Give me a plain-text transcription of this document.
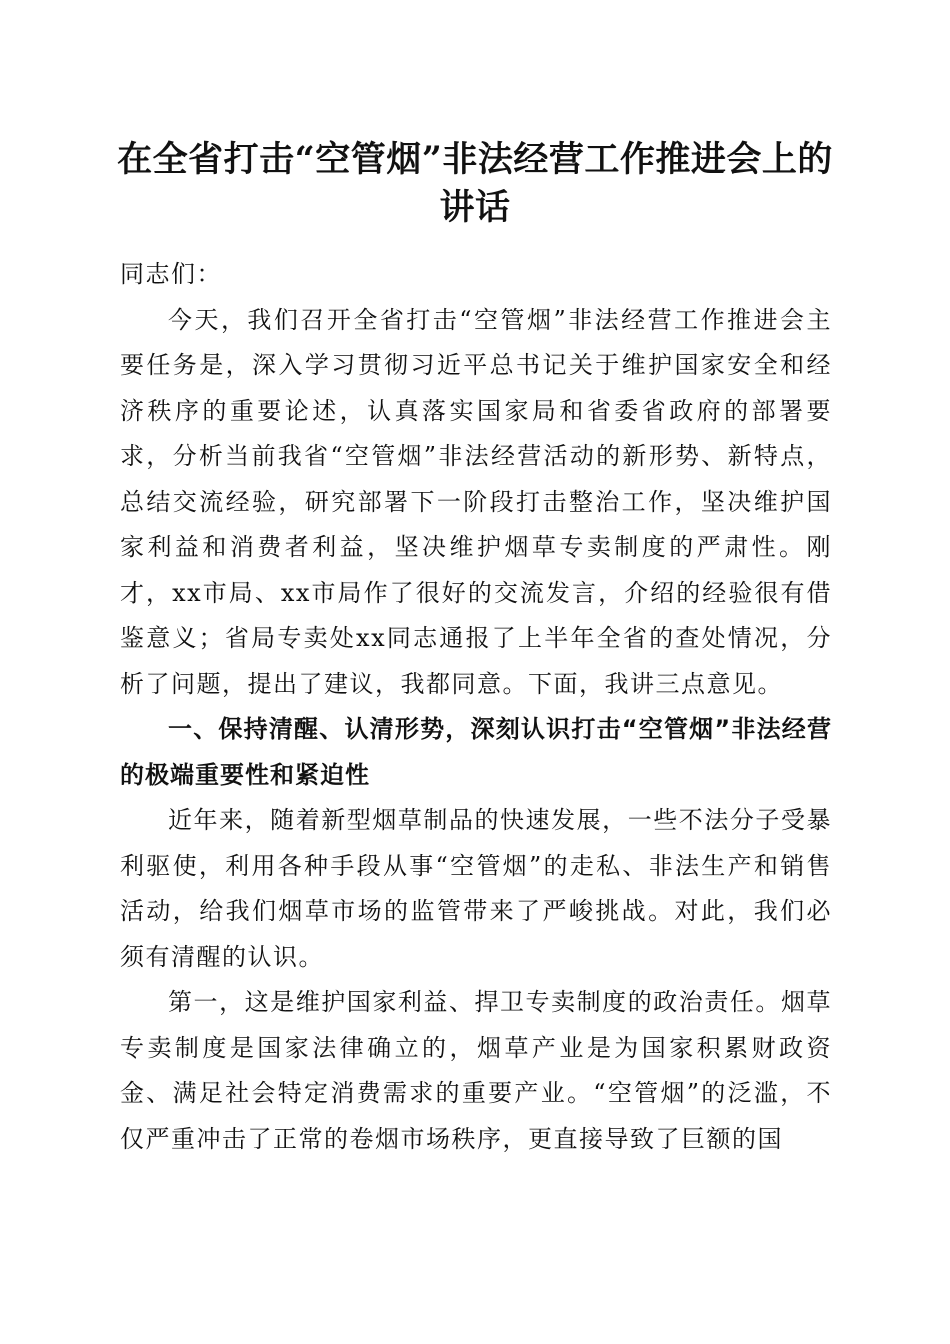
在全省打击“空管烟”非法经营工作推进会上的讲话

同志们：

今天，我们召开全省打击“空管烟”非法经营工作推进会主要任务是，深入学习贯彻习近平总书记关于维护国家安全和经济秩序的重要论述，认真落实国家局和省委省政府的部署要求，分析当前我省“空管烟”非法经营活动的新形势、新特点，总结交流经验，研究部署下一阶段打击整治工作，坚决维护国家利益和消费者利益，坚决维护烟草专卖制度的严肃性。刚才，xx市局、xx市局作了很好的交流发言，介绍的经验很有借鉴意义；省局专卖处xx同志通报了上半年全省的查处情况，分析了问题，提出了建议，我都同意。下面，我讲三点意见。

一、保持清醒、认清形势，深刻认识打击“空管烟”非法经营的极端重要性和紧迫性

近年来，随着新型烟草制品的快速发展，一些不法分子受暴利驱使，利用各种手段从事“空管烟”的走私、非法生产和销售活动，给我们烟草市场的监管带来了严峻挑战。对此，我们必须有清醒的认识。

第一，这是维护国家利益、捍卫专卖制度的政治责任。烟草专卖制度是国家法律确立的，烟草产业是为国家积累财政资金、满足社会特定消费需求的重要产业。“空管烟”的泛滥，不仅严重冲击了正常的卷烟市场秩序，更直接导致了巨额的国
